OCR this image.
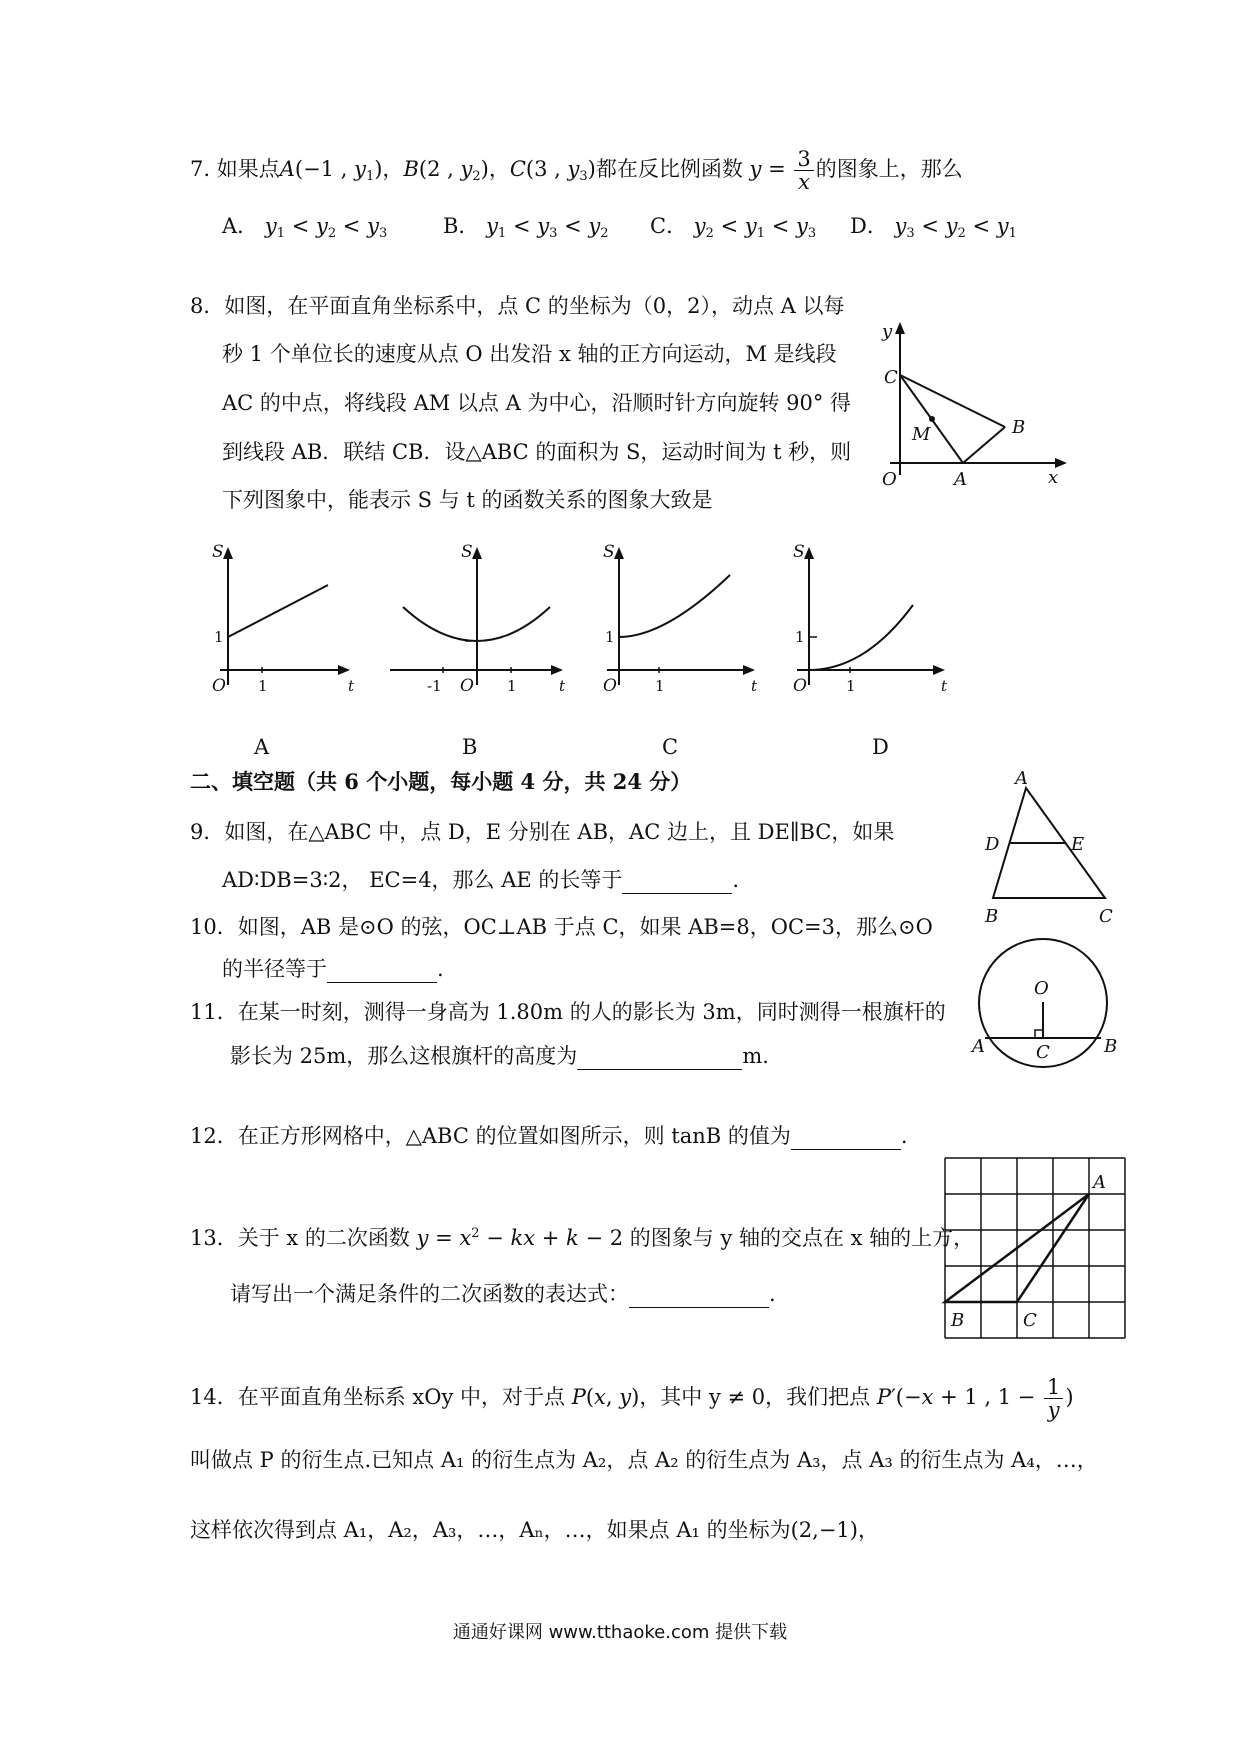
7. 如果点A(−1 , $y_1$)，B(2 , $y_2$)，C(3 , $y_3$)都在反比例函数 $y = \frac{3}{x}$ 的图象上，那么
A． $y_1 < y_2 < y_3$	B． $y_1 < y_3 < y_2$ C． $y_2 < y_1 < y_3$ D． $y_3 < y_2 < y_1$
8．如图，在平面直角坐标系中，点 C 的坐标为（0，2），动点 A 以每
秒 1 个单位长的速度从点 O 出发沿 x 轴的正方向运动，M 是线段
AC 的中点，将线段 AM 以点 A 为中心，沿顺时针方向旋转 90° 得
到线段 AB．联结 CB．设△ABC 的面积为 S，运动时间为 t 秒，则
下列图象中，能表示 S 与 t 的函数关系的图象大致是
y
C
M	B
O	A	x
S
1
O 1	t
S
-1 O 1	t
S
1
O	1	t
S
1
O	1	t
A	B	C	D
二、填空题（共 6 个小题，每小题 4 分，共 24 分）
9．如图，在△ABC 中，点 D，E 分别在 AB，AC 边上，且 DE∥BC，如果
AD∶DB=3∶2， EC=4，那么 AE 的长等于	.
A
D	E
B	C
10．如图，AB 是⊙O 的弦，OC⊥AB 于点 C，如果 AB=8，OC=3，那么⊙O
的半径等于	.
O
A	C	B
11．在某一时刻，测得一身高为 1.80m 的人的影长为 3m，同时测得一根旗杆的
影长为 25m，那么这根旗杆的高度为	m.
12．在正方形网格中，△ABC 的位置如图所示，则 tanB 的值为	.
A
B	C
13．关于 x 的二次函数 $y = x^2$ − kx + k − 2 的图象与 y 轴的交点在 x 轴的上方，
请写出一个满足条件的二次函数的表达式：	.
14．在平面直角坐标系 xOy 中，对于点 P(x, y)，其中 y ≠ 0，我们把点 P′(−x + 1 , $1 - \frac{1}{y}$ )
叫做点 P 的衍生点.已知点 A₁ 的衍生点为 A₂，点 A₂ 的衍生点为 A₃，点 A₃ 的衍生点为 A₄，…，
这样依次得到点 A₁，A₂，A₃，…，Aₙ，…，如果点 A₁ 的坐标为(2,−1)，
通通好课网 www.tthaoke.com 提供下载
